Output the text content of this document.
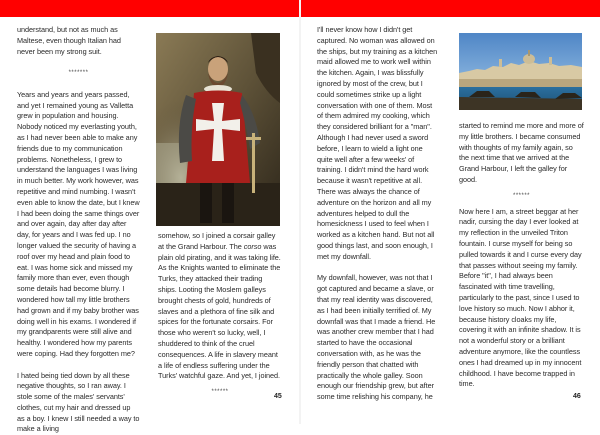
understand, but not as much as Maltese, even though Italian had never been my strong suit.

*******

Years and years and years passed, and yet I remained young as Valletta grew in population and housing. Nobody noticed my everlasting youth, as I had never been able to make any friends due to my communication problems. Nonetheless, I grew to understand the languages I was living in much better. My work however, was repetitive and mind numbing. I wasn't even able to know the date, but I knew I had been doing the same things over and over again, day after day after day, for years and I was fed up. I no longer valued the security of having a roof over my head and plain food to eat. I was home sick and missed my family more than ever, even though some details had become blurry. I wondered how tall my little brothers had grown and if my baby brother was doing well in his exams. I wondered if my grandparents were still alive and healthy. I wondered how my parents were coping. Had they forgotten me?

I hated being tied down by all these negative thoughts, so I ran away. I stole some of the males' servants' clothes, cut my hair and dressed up as a boy. I knew I still needed a way to make a living

somehow, so I joined a corsair galley at the Grand Harbour. The corso was plain old pirating, and it was taking life. As the Knights wanted to eliminate the Turks, they attacked their trading ships. Looting the Moslem galleys brought chests of gold, hundreds of slaves and a plethora of fine silk and spices for the fortunate corsairs. For those who weren't so lucky, well, I shuddered to think of the cruel consequences. A life in slavery meant a life of endless suffering under the Turks' watchful gaze. And yet, I joined.

******

45

I'll never know how I didn't get captured. No woman was allowed on the ships, but my training as a kitchen maid allowed me to work well within the kitchen. Again, I was blissfully ignored by most of the crew, but I could sometimes strike up a light conversation with one of them. Most of them admired my cooking, which they considered brilliant for a "man". Although I had never used a sword before, I learn to wield a light one quite well after a few weeks' of training. I didn't mind the hard work because it wasn't repetitive at all. There was always the chance of adventure on the horizon and all my adventures helped to dull the homesickness I used to feel when I worked as a kitchen hand. But not all good things last, and soon enough, I met my downfall.

My downfall, however, was not that I got captured and became a slave, or that my real identity was discovered, as I had been initially terrified of. My downfall was that I made a friend. He was another crew member that I had started to have the occasional conversation with, as he was the friendly person that chatted with practically the whole galley. Soon enough our friendship grew, but after some time relishing his company, he

started to remind me more and more of my little brothers. I became consumed with thoughts of my family again, so the next time that we arrived at the Grand Harbour, I left the galley for good.

******

Now here I am, a street beggar at her nadir, cursing the day I ever looked at my reflection in the unveiled Triton fountain. I curse myself for being so pulled towards it and I curse every day that passes without seeing my family. Before "it", I had always been fascinated with time travelling, particularly to the past, since I used to love history so much. Now I abhor it, because history cloaks my life, covering it with an infinite shadow. It is not a wonderful story or a brilliant adventure anymore, like the countless ones I had dreamed up in my innocent childhood. I have become trapped in time.

46
